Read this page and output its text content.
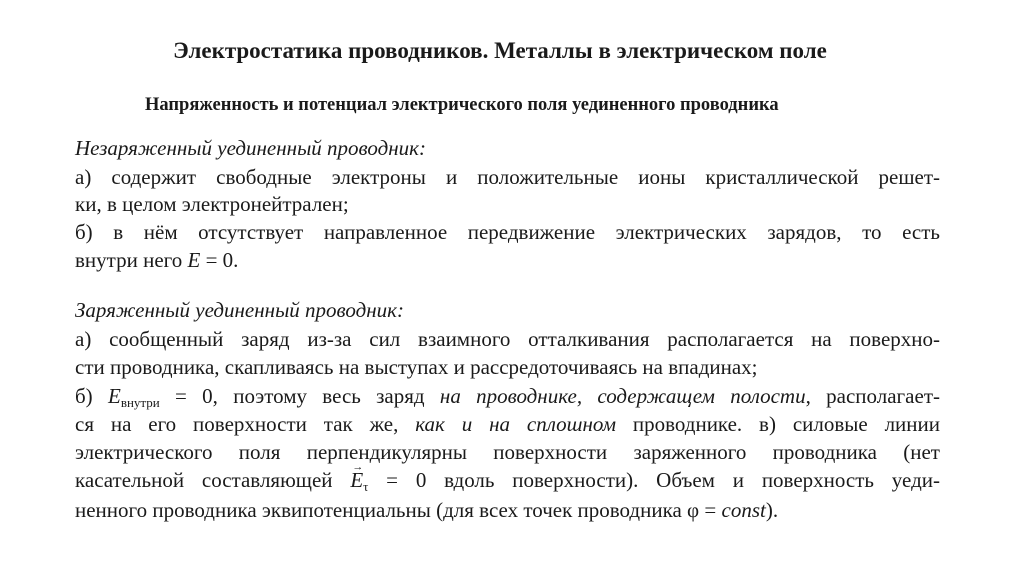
Электростатика проводников. Металлы в электрическом поле
Напряженность и потенциал электрического поля уединенного проводника
Незаряженный уединенный проводник:
а) содержит свободные электроны и положительные ионы кристаллической решет-
ки, в целом электронейтрален;
б) в нём отсутствует направленное передвижение электрических зарядов, то есть
внутри него E = 0.
Заряженный уединенный проводник:
а) сообщенный заряд из-за сил взаимного отталкивания располагается на поверхно-
сти проводника, скапливаясь на выступах и рассредоточиваясь на впадинах;
б) $E_{внутри} = 0$, поэтому весь заряд на проводнике, содержащем полости, располагает-
ся на его поверхности так же, как и на сплошном проводнике. в) силовые линии
электрического поля перпендикулярны поверхности заряженного проводника (нет
касательной составляющей → $E_\tau = 0$ вдоль поверхности). Объем и поверхность уеди-
ненного проводника эквипотенциальны (для всех точек проводника φ = const).
